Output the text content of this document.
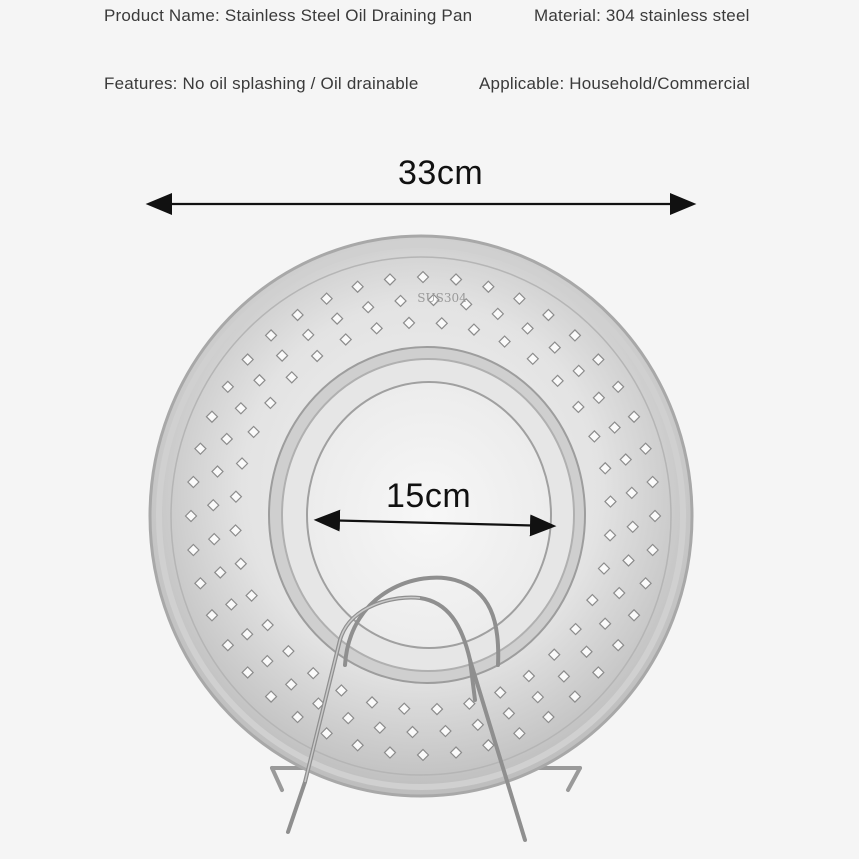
Product Name: Stainless Steel Oil Draining Pan	Material: 304 stainless steel
Features: No oil splashing / Oil drainable	Applicable: Household/Commercial
SUS304
33cm
15cm
